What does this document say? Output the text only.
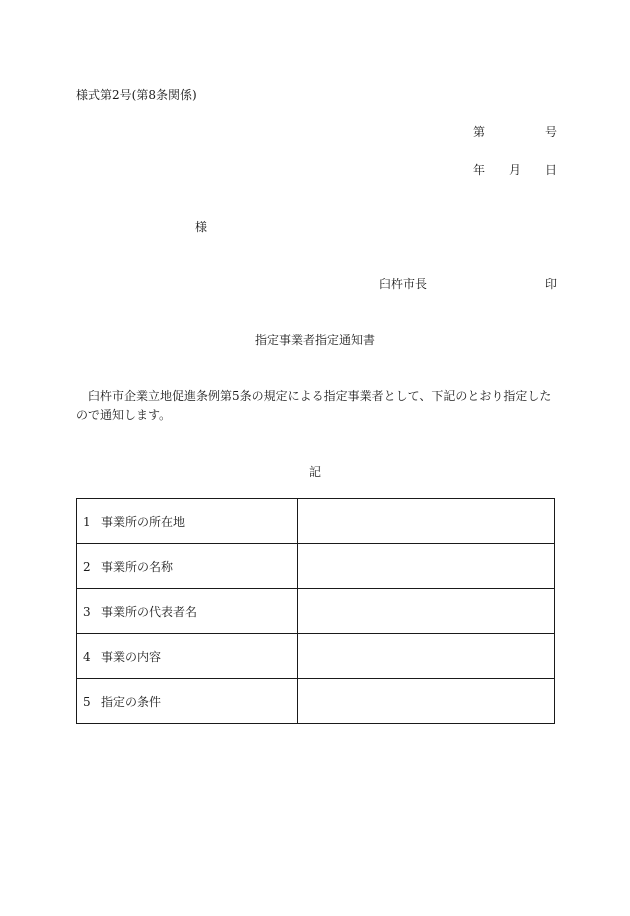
様式第2号(第8条関係)
第	号
年 月 日
様
臼杵市長	印
指定事業者指定通知書
臼杵市企業立地促進条例第5条の規定による指定事業者として、下記のとおり指定したので通知します。
記
1 事業所の所在地	
2 事業所の名称	
3 事業所の代表者名	
4 事業の内容	
5 指定の条件	
